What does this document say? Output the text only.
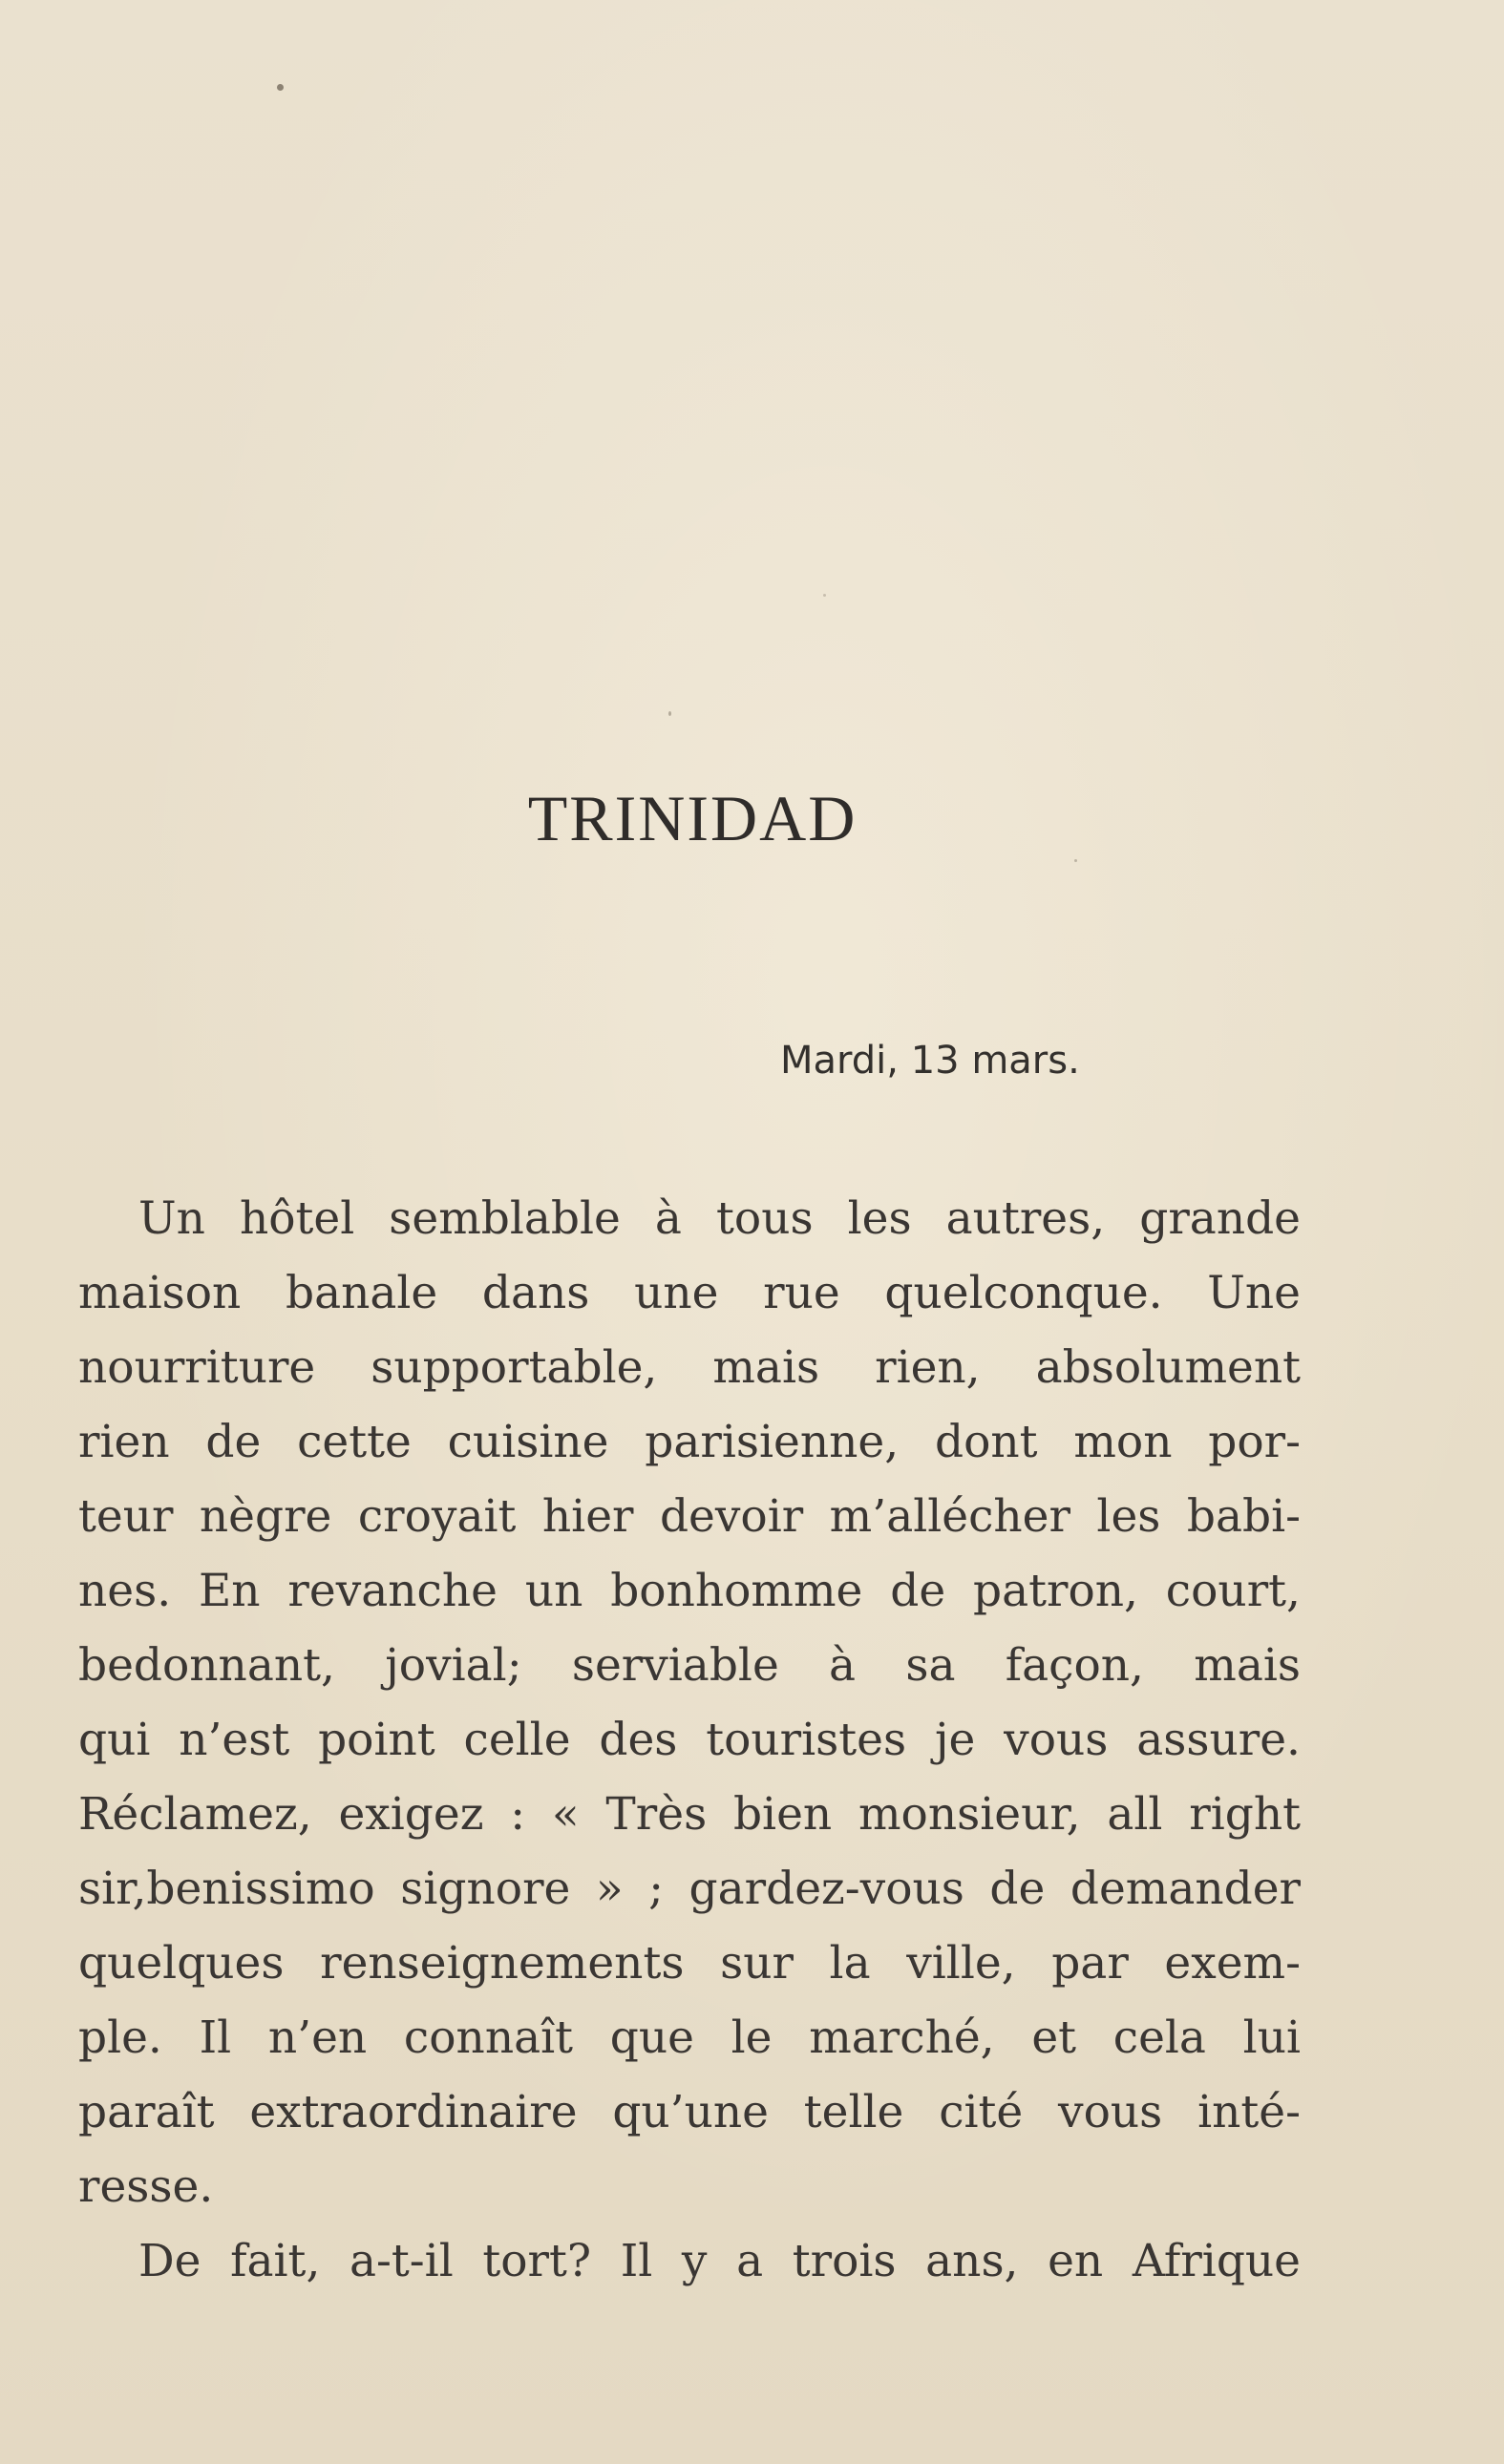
TRINIDAD
Mardi, 13 mars.
Un hôtel semblable à tous les autres, grande
maison banale dans une rue quelconque. Une
nourriture supportable, mais rien, absolument
rien de cette cuisine parisienne, dont mon por-
teur nègre croyait hier devoir m’allécher les babi-
nes. En revanche un bonhomme de patron, court,
bedonnant, jovial; serviable à sa façon, mais
qui n’est point celle des touristes je vous assure.
Réclamez, exigez : « Très bien monsieur, all right
sir,benissimo signore » ; gardez-vous de demander
quelques renseignements sur la ville, par exem-
ple. Il n’en connaît que le marché, et cela lui
paraît extraordinaire qu’une telle cité vous inté-
resse.
De fait, a-t-il tort? Il y a trois ans, en Afrique
